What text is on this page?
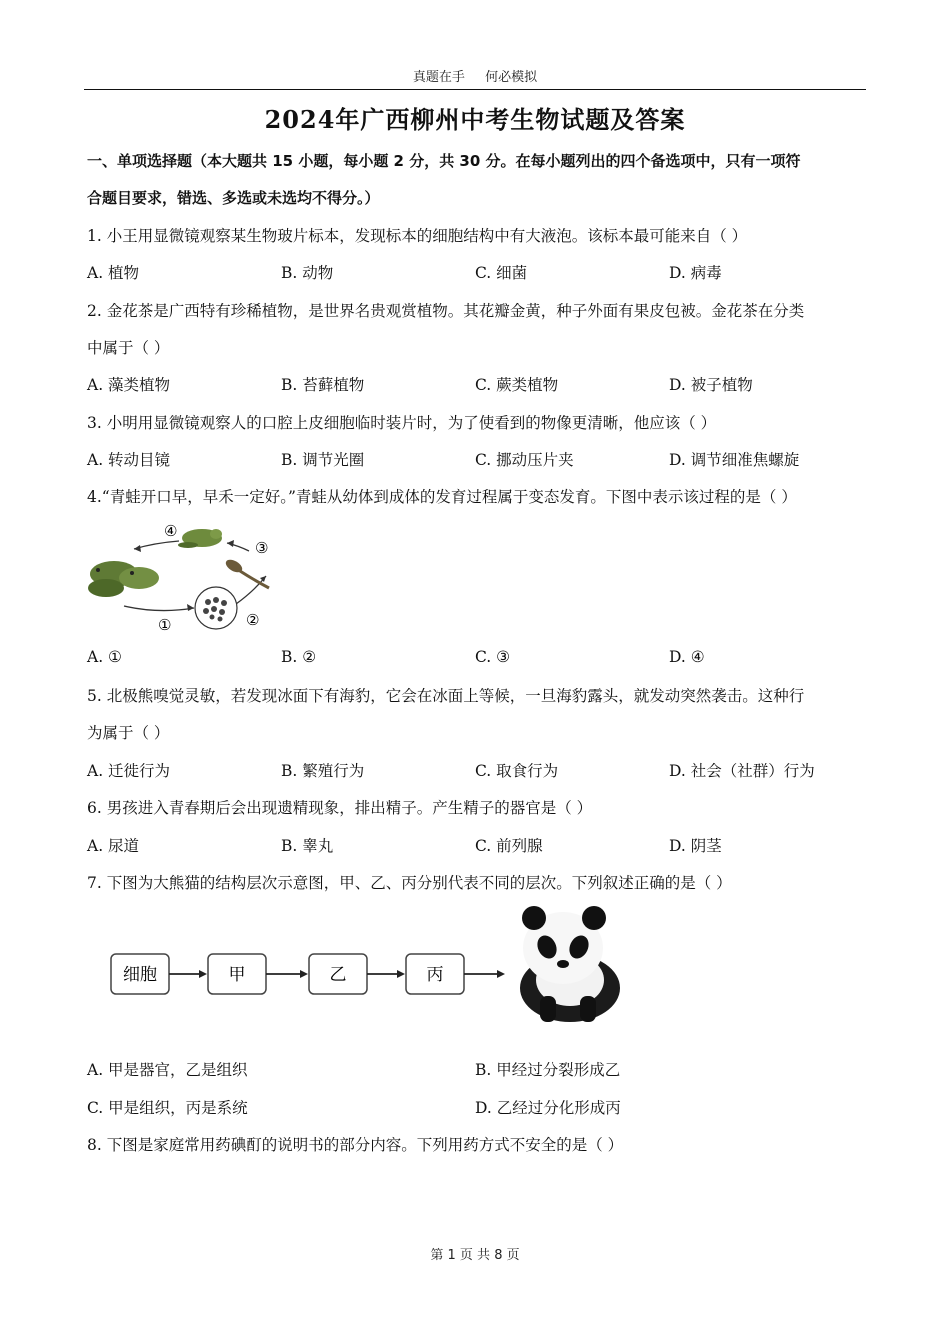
真题在手 何必模拟
2024年广西柳州中考生物试题及答案
一、单项选择题（本大题共 15 小题，每小题 2 分，共 30 分。在每小题列出的四个备选项中，只有一项符
合题目要求，错选、多选或未选均不得分。）
1. 小王用显微镜观察某生物玻片标本，发现标本的细胞结构中有大液泡。该标本最可能来自（ ）
A. 植物	B. 动物	C. 细菌	D. 病毒
2. 金花茶是广西特有珍稀植物，是世界名贵观赏植物。其花瓣金黄，种子外面有果皮包被。金花茶在分类
中属于（ ）
A. 藻类植物	B. 苔藓植物	C. 蕨类植物	D. 被子植物
3. 小明用显微镜观察人的口腔上皮细胞临时装片时，为了使看到的物像更清晰，他应该（ ）
A. 转动目镜	B. 调节光圈	C. 挪动压片夹	D. 调节细准焦螺旋
4.“青蛙开口早，早禾一定好。”青蛙从幼体到成体的发育过程属于变态发育。下图中表示该过程的是（ ）
④
③
①	②
A. ①	B. ②	C. ③	D. ④
5. 北极熊嗅觉灵敏，若发现冰面下有海豹，它会在冰面上等候，一旦海豹露头，就发动突然袭击。这种行
为属于（ ）
A. 迁徙行为	B. 繁殖行为	C. 取食行为	D. 社会（社群）行为
6. 男孩进入青春期后会出现遗精现象，排出精子。产生精子的器官是（ ）
A. 尿道	B. 睾丸	C. 前列腺	D. 阴茎
7. 下图为大熊猫的结构层次示意图，甲、乙、丙分别代表不同的层次。下列叙述正确的是（ ）
细胞	甲	乙	丙
A. 甲是器官，乙是组织	B. 甲经过分裂形成乙
C. 甲是组织，丙是系统	D. 乙经过分化形成丙
8. 下图是家庭常用药碘酊的说明书的部分内容。下列用药方式不安全的是（ ）
第 1 页 共 8 页
